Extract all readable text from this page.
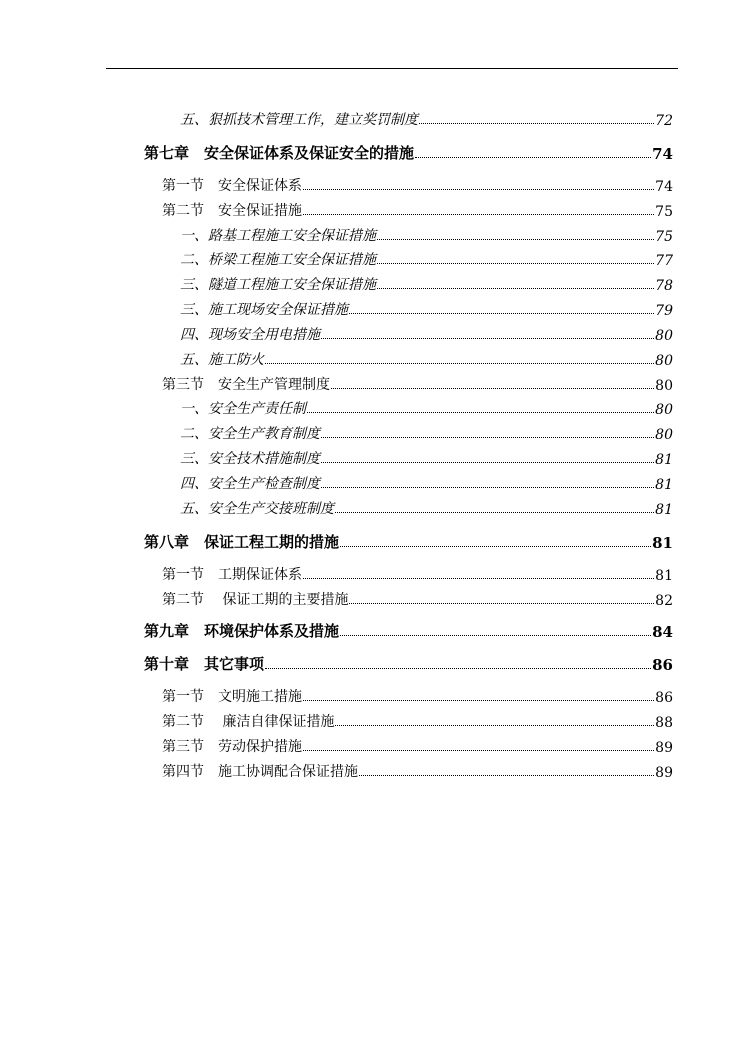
五、狠抓技术管理工作，建立奖罚制度	72
第七章　安全保证体系及保证安全的措施	74
第一节　安全保证体系	74
第二节　安全保证措施	75
一、路基工程施工安全保证措施	75
二、桥梁工程施工安全保证措施	77
三、隧道工程施工安全保证措施	78
三、施工现场安全保证措施	79
四、现场安全用电措施	80
五、施工防火	80
第三节　安全生产管理制度	80
一、安全生产责任制	80
二、安全生产教育制度	80
三、安全技术措施制度	81
四、安全生产检查制度	81
五、安全生产交接班制度	81
第八章　保证工程工期的措施	81
第一节　工期保证体系	81
第二节　 保证工期的主要措施	82
第九章　环境保护体系及措施	84
第十章　其它事项	86
第一节　文明施工措施	86
第二节　 廉洁自律保证措施	88
第三节　劳动保护措施	89
第四节　施工协调配合保证措施	89
